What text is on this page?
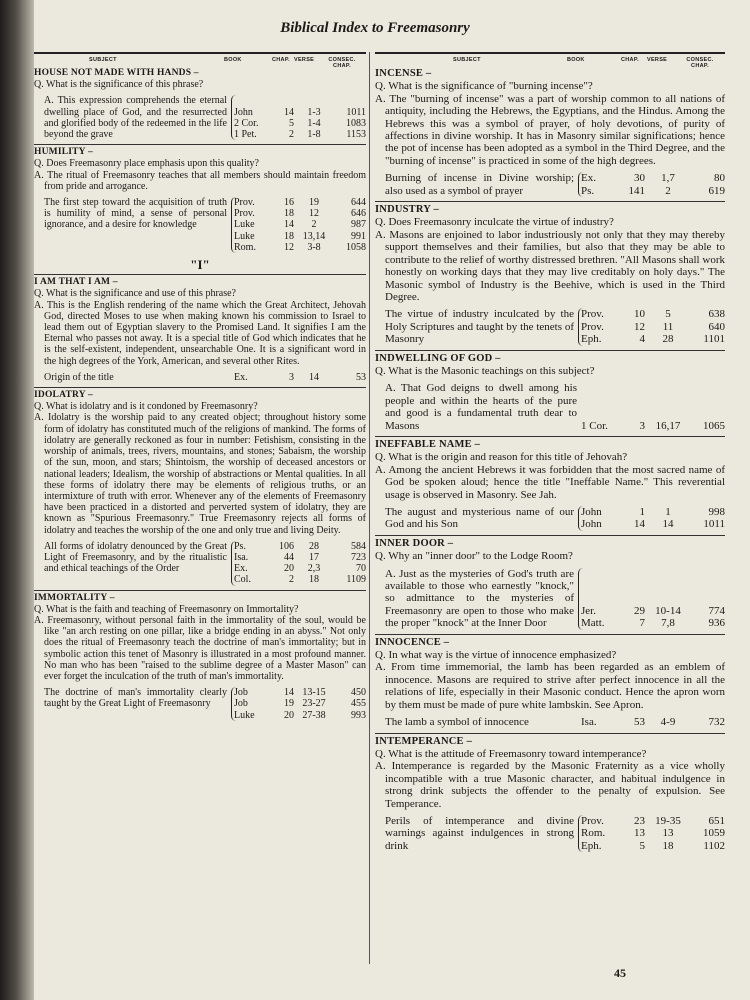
Biblical Index to Freemasonry
SUBJECT	BOOK	CHAP. VERSE	CONSEC. CHAP.
SUBJECT	BOOK	CHAP. VERSE	CONSEC. CHAP.
HOUSE NOT MADE WITH HANDS –
Q. What is the significance of this phrase?
A. This expression comprehends the eternal dwelling place of God, and the resurrected and glorified body of the redeemed in the life beyond the grave
John	14	1-3	1011
2 Cor.	5	1-4	1083
1 Pet.	2	1-8	1153
HUMILITY –
Q. Does Freemasonry place emphasis upon this quality?
A. The ritual of Freemasonry teaches that all members should maintain freedom from pride and arrogance.
The first step toward the acquisition of truth is humility of mind, a sense of personal ignorance, and a desire for knowledge
Prov.	16	19	644
Prov.	18	12	646
Luke	14	2	987
Luke	18 13,14	991
Rom.	12	3-8	1058
"I"
I AM THAT I AM –
Q. What is the significance and use of this phrase?
A. This is the English rendering of the name which the Great Architect, Jehovah God, directed Moses to use when making known his commission to Israel to lead them out of Egyptian slavery to the Promised Land. It signifies I am the Eternal who passes not away. It is a special title of God which indicates that he is the self-existent, independent, unsearchable One. It is a significant word in the high degrees of the York, American, and several other Rites.
Origin of the title	Ex.	3	14	53
IDOLATRY –
Q. What is idolatry and is it condoned by Freemasonry?
A. Idolatry is the worship paid to any created object; throughout history some form of idolatry has constituted much of the religions of mankind. The forms of idolatry are generally reckoned as four in number: Fetishism, consisting in the worship of animals, trees, rivers, mountains, and stones; Sabaism, the worship of the sun, moon, and stars; Shintoism, the worship of deceased ancestors or national leaders; Idealism, the worship of abstractions or Mental qualities. In all these forms of idolatry there may be elements of religious truths, or an intermixture of truth with error. Whenever any of the elements of Freemasonry have been practiced in a distorted and perverted system of idolatry, they are known as "Spurious Freemasonry." True Freemasonry rejects all forms of idolatry and teaches the worship of the one and only true and living Deity.
All forms of idolatry denounced by the Great Light of Freemasonry, and by the ritualistic and ethical teachings of the Order
Ps.	106	28	584
Isa.	44	17	723
Ex.	20	2,3	70
Col.	2	18	1109
IMMORTALITY –
Q. What is the faith and teaching of Freemasonry on Immortality?
A. Freemasonry, without personal faith in the immortality of the soul, would be like "an arch resting on one pillar, like a bridge ending in an abyss." Not only does the ritual of Freemasonry teach the doctrine of man's immortality; but in symbolic action this tenet of Masonry is illustrated in a most profound manner. No man who has been "raised to the sublime degree of a Master Mason" can ever forget the inculcation of the truth of man's immortality.
The doctrine of man's immortality clearly taught by the Great Light of Freemasonry
Job	14 13-15	450
Job	19 23-27	455
Luke	20 27-38	993
INCENSE –
Q. What is the significance of "burning incense"?
A. The "burning of incense" was a part of worship common to all nations of antiquity, including the Hebrews, the Egyptians, and the Hindus. Among the Hebrews this was a symbol of prayer, of holy devotions, of purity of affections in divine worship. It has in Masonry similar significations; hence the pot of incense has been adopted as a symbol in the Third Degree, and the "burning of incense" is practiced in some of the high degrees.
Burning of incense in Divine worship; also used as a symbol of prayer
Ex.	30	1,7	80
Ps.	141	2	619
INDUSTRY –
Q. Does Freemasonry inculcate the virtue of industry?
A. Masons are enjoined to labor industriously not only that they may thereby support themselves and their families, but also that they may be able to contribute to the relief of worthy distressed brethren. "All Masons shall work honestly on working days that they may live creditably on holy days." The Masonic symbol of Industry is the Beehive, which is used in the Third Degree.
The virtue of industry inculcated by the Holy Scriptures and taught by the tenets of Masonry
Prov.	10	5	638
Prov.	12	11	640
Eph.	4	28	1101
INDWELLING OF GOD –
Q. What is the Masonic teachings on this subject?
A. That God deigns to dwell among his people and within the hearts of the pure and good is a fundamental truth dear to Masons	1 Cor.	3 16,17	1065
INEFFABLE NAME –
Q. What is the origin and reason for this title of Jehovah?
A. Among the ancient Hebrews it was forbidden that the most sacred name of God be spoken aloud; hence the title "Ineffable Name." This reverential usage is observed in Masonry. See Jah.
The august and mysterious name of our God and his Son
John	1	1	998
John	14	14	1011
INNER DOOR –
Q. Why an "inner door" to the Lodge Room?
A. Just as the mysteries of God's truth are available to those who earnestly "knock," so admittance to the mysteries of Freemasonry are open to those who make the proper "knock" at the Inner Door
Jer.	29 10-14	774
Matt.	7	7,8	936
INNOCENCE –
Q. In what way is the virtue of innocence emphasized?
A. From time immemorial, the lamb has been regarded as an emblem of innocence. Masons are required to strive after perfect innocence in all the relations of life, especially in their Masonic conduct. Hence the apron worn by them must be made of pure white lambskin. See Apron.
The lamb a symbol of innocence	Isa.	53	4-9	732
INTEMPERANCE –
Q. What is the attitude of Freemasonry toward intemperance?
A. Intemperance is regarded by the Masonic Fraternity as a vice wholly incompatible with a true Masonic character, and habitual indulgence in strong drink subjects the offender to the penalty of expulsion. See Temperance.
Perils of intemperance and divine warnings against indulgences in strong drink
Prov.	23 19-35	651
Rom.	13	13	1059
Eph.	5	18	1102
45
